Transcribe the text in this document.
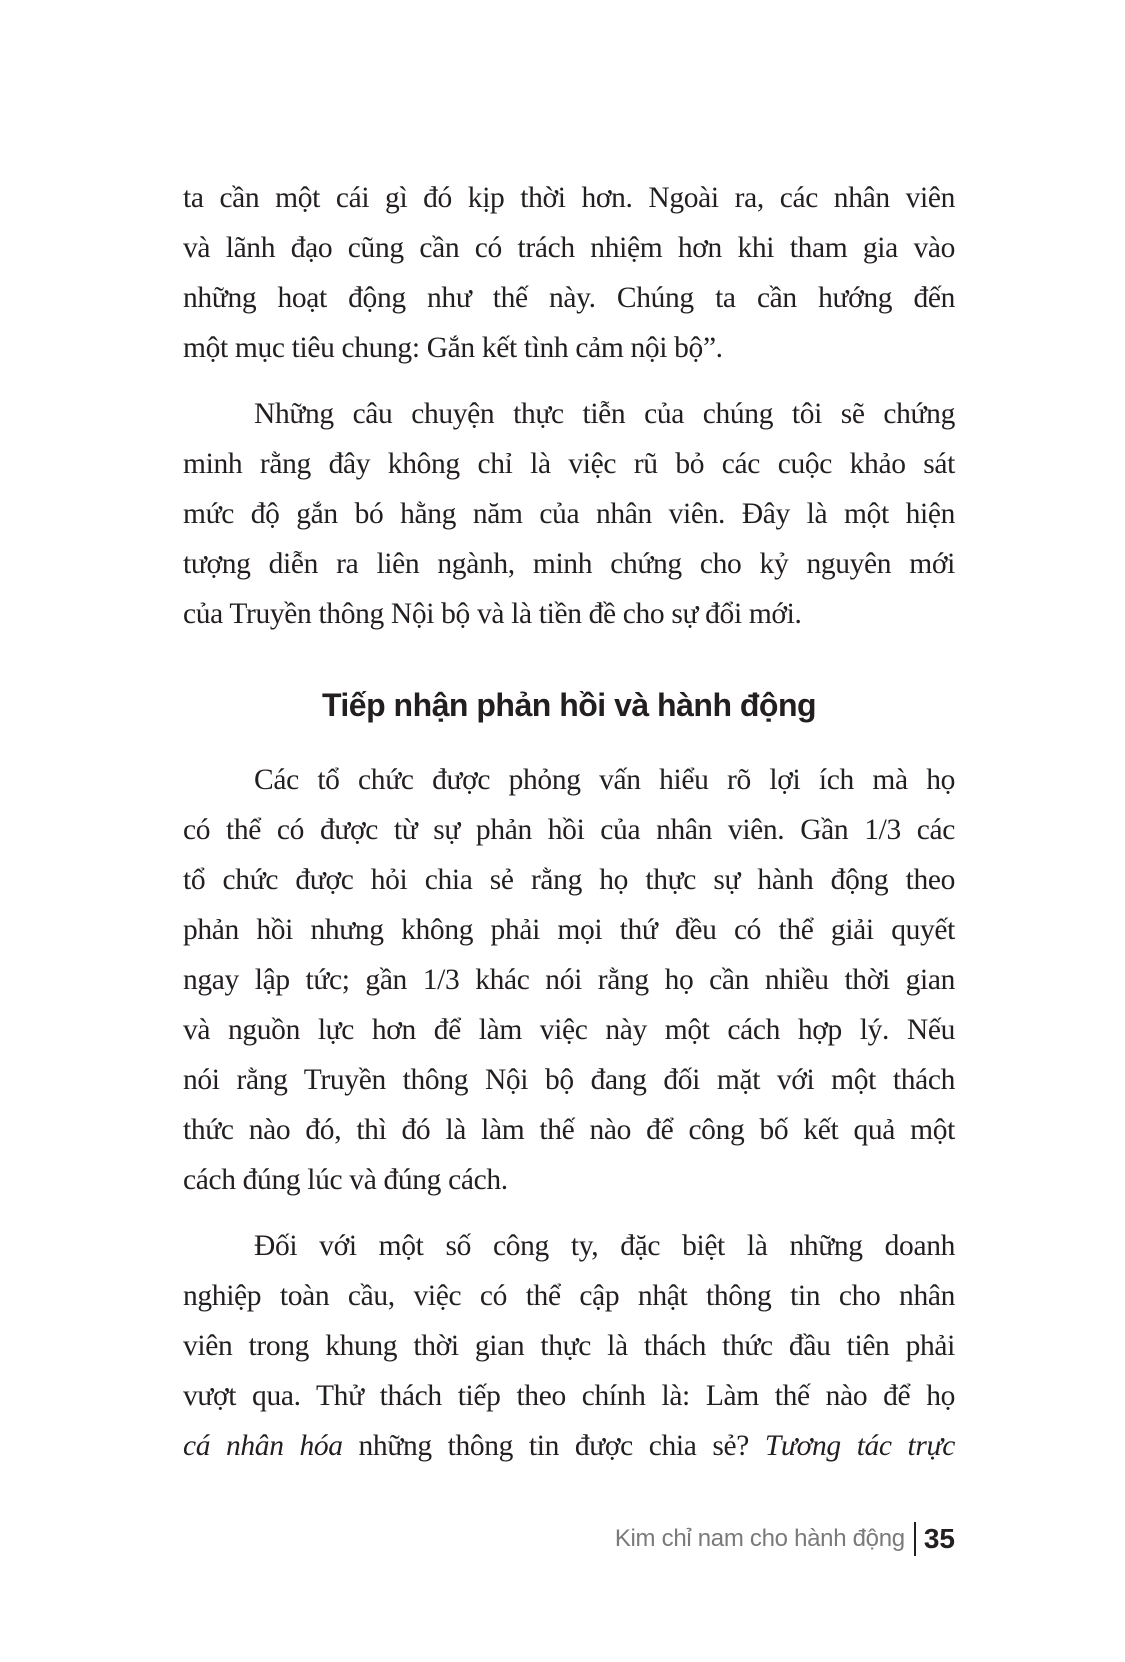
ta cần một cái gì đó kịp thời hơn. Ngoài ra, các nhân viên
và lãnh đạo cũng cần có trách nhiệm hơn khi tham gia vào
những hoạt động như thế này. Chúng ta cần hướng đến
một mục tiêu chung: Gắn kết tình cảm nội bộ”.
Những câu chuyện thực tiễn của chúng tôi sẽ chứng
minh rằng đây không chỉ là việc rũ bỏ các cuộc khảo sát
mức độ gắn bó hằng năm của nhân viên. Đây là một hiện
tượng diễn ra liên ngành, minh chứng cho kỷ nguyên mới
của Truyền thông Nội bộ và là tiền đề cho sự đổi mới.
Tiếp nhận phản hồi và hành động
Các tổ chức được phỏng vấn hiểu rõ lợi ích mà họ
có thể có được từ sự phản hồi của nhân viên. Gần 1/3 các
tổ chức được hỏi chia sẻ rằng họ thực sự hành động theo
phản hồi nhưng không phải mọi thứ đều có thể giải quyết
ngay lập tức; gần 1/3 khác nói rằng họ cần nhiều thời gian
và nguồn lực hơn để làm việc này một cách hợp lý. Nếu
nói rằng Truyền thông Nội bộ đang đối mặt với một thách
thức nào đó, thì đó là làm thế nào để công bố kết quả một
cách đúng lúc và đúng cách.
Đối với một số công ty, đặc biệt là những doanh
nghiệp toàn cầu, việc có thể cập nhật thông tin cho nhân
viên trong khung thời gian thực là thách thức đầu tiên phải
vượt qua. Thử thách tiếp theo chính là: Làm thế nào để họ
cá nhân hóa những thông tin được chia sẻ? Tương tác trực
Kim chỉ nam cho hành động 35
